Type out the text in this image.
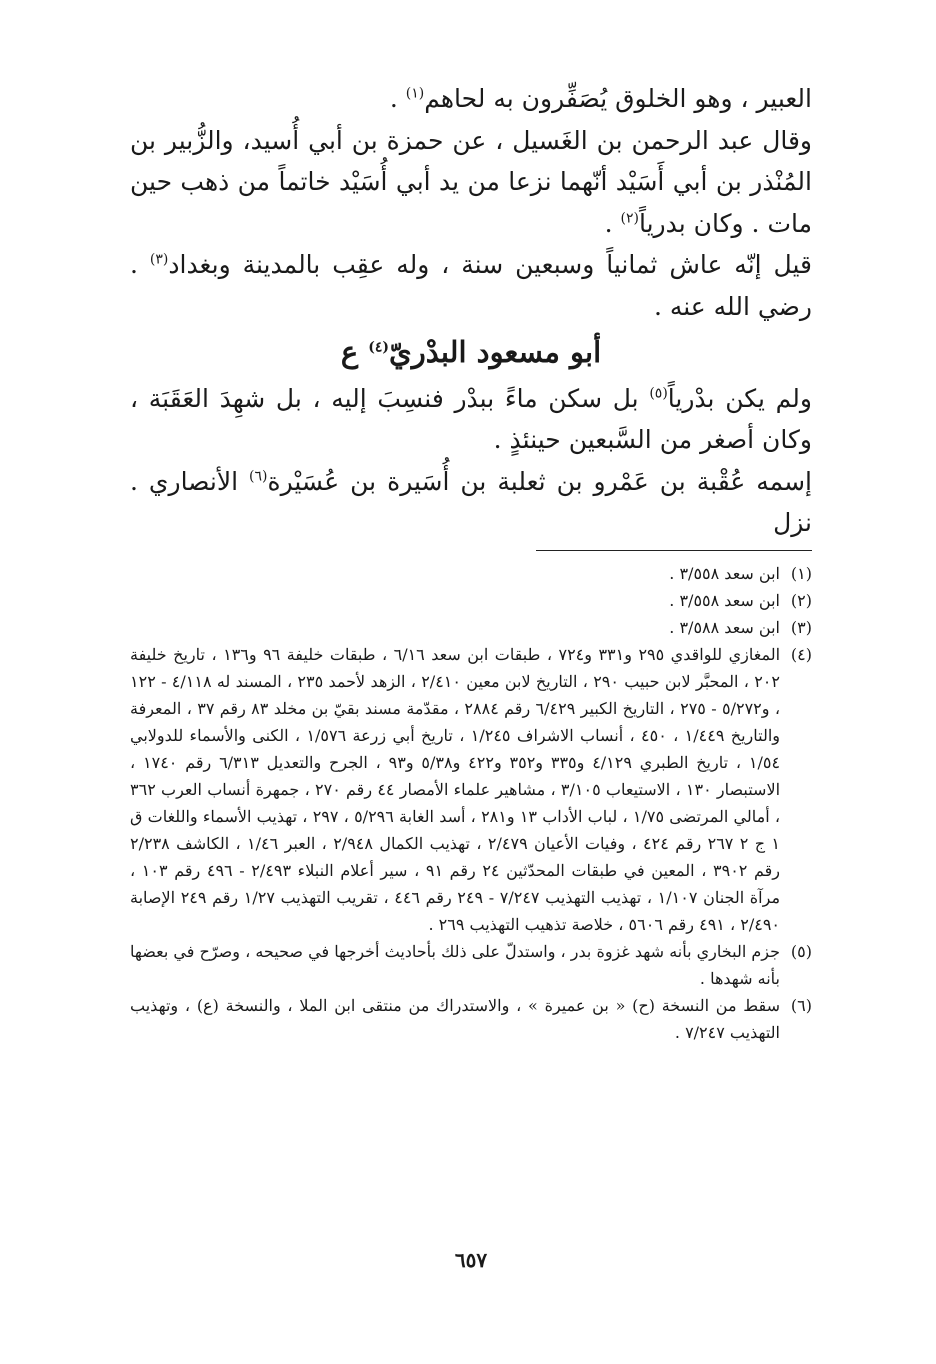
العبير ، وهو الخلوق يُصَفِّرون به لحاهم$^{(١)}$ .

وقال عبد الرحمن بن الغَسيل ، عن حمزة بن أبي أُسيد، والزُّبير بن المُنْذر بن أبي أَسَيْد أنّهما نزعا من يد أبي أُسَيْد خاتماً من ذهب حين مات . وكان بدرياً$^{(٢)}$ .

قيل إنّه عاش ثمانياً وسبعين سنة ، وله عقِب بالمدينة وبغداد$^{(٣)}$ . رضي الله عنه .

أبو مسعود البدْريّ$^{(٤)}$ ع

ولم يكن بدْرياً$^{(٥)}$ بل سكن ماءً ببدْر فنسِبَ إليه ، بل شهِدَ العَقَبَة ، وكان أصغر من السَّبعين حينئذٍ .

إسمه عُقْبة بن عَمْرو بن ثعلبة بن أُسَيرة بن عُسَيْرة$^{(٦)}$ الأنصاري . نزل

(١)
ابن سعد ٣/٥٥٨ .

(٢)
ابن سعد ٣/٥٥٨ .

(٣)
ابن سعد ٣/٥٨٨ .

(٤)
المغازي للواقدي ٢٩٥ و٣٣١ و٧٢٤ ، طبقات ابن سعد ٦/١٦ ، طبقات خليفة ٩٦ و١٣٦ ، تاريخ خليفة ٢٠٢ ، المحبَّر لابن حبيب ٢٩٠ ، التاريخ لابن معين ٢/٤١٠ ، الزهد لأحمد ٢٣٥ ، المسند له ٤/١١٨ - ١٢٢ ، و٥/٢٧٢ - ٢٧٥ ، التاريخ الكبير ٦/٤٢٩ رقم ٢٨٨٤ ، مقدّمة مسند بقيّ بن مخلد ٨٣ رقم ٣٧ ، المعرفة والتاريخ ١/٤٤٩ ، ٤٥٠ ، أنساب الاشراف ١/٢٤٥ ، تاريخ أبي زرعة ١/٥٧٦ ، الكنى والأسماء للدولابي ١/٥٤ ، تاريخ الطبري ٤/١٢٩ و٣٣٥ و٣٥٢ و٤٢٢ و٥/٣٨ و٩٣ ، الجرح والتعديل ٦/٣١٣ رقم ١٧٤٠ ، الاستبصار ١٣٠ ، الاستيعاب ٣/١٠٥ ، مشاهير علماء الأمصار ٤٤ رقم ٢٧٠ ، جمهرة أنساب العرب ٣٦٢ ، أمالي المرتضى ١/٧٥ ، لباب الأداب ١٣ و٢٨١ ، أسد الغابة ٥/٢٩٦ ، ٢٩٧ ، تهذيب الأسماء واللغات ق ١ ج ٢ ٢٦٧ رقم ٤٢٤ ، وفيات الأعيان ٢/٤٧٩ ، تهذيب الكمال ٢/٩٤٨ ، العبر ١/٤٦ ، الكاشف ٢/٢٣٨ رقم ٣٩٠٢ ، المعين في طبقات المحدّثين ٢٤ رقم ٩١ ، سير أعلام النبلاء ٢/٤٩٣ - ٤٩٦ رقم ١٠٣ ، مرآة الجنان ١/١٠٧ ، تهذيب التهذيب ٧/٢٤٧ - ٢٤٩ رقم ٤٤٦ ، تقريب التهذيب ١/٢٧ رقم ٢٤٩ الإصابة ٢/٤٩٠ ، ٤٩١ رقم ٥٦٠٦ ، خلاصة تذهيب التهذيب ٢٦٩ .

(٥)
جزم البخاري بأنه شهد غزوة بدر ، واستدلّ على ذلك بأحاديث أخرجها في صحيحه ، وصرّح في بعضها بأنه شهدها .

(٦)
سقط من النسخة (ح) « بن عميرة » ، والاستدراك من منتقى ابن الملا ، والنسخة (ع) ، وتهذيب التهذيب ٧/٢٤٧ .

٦٥٧
